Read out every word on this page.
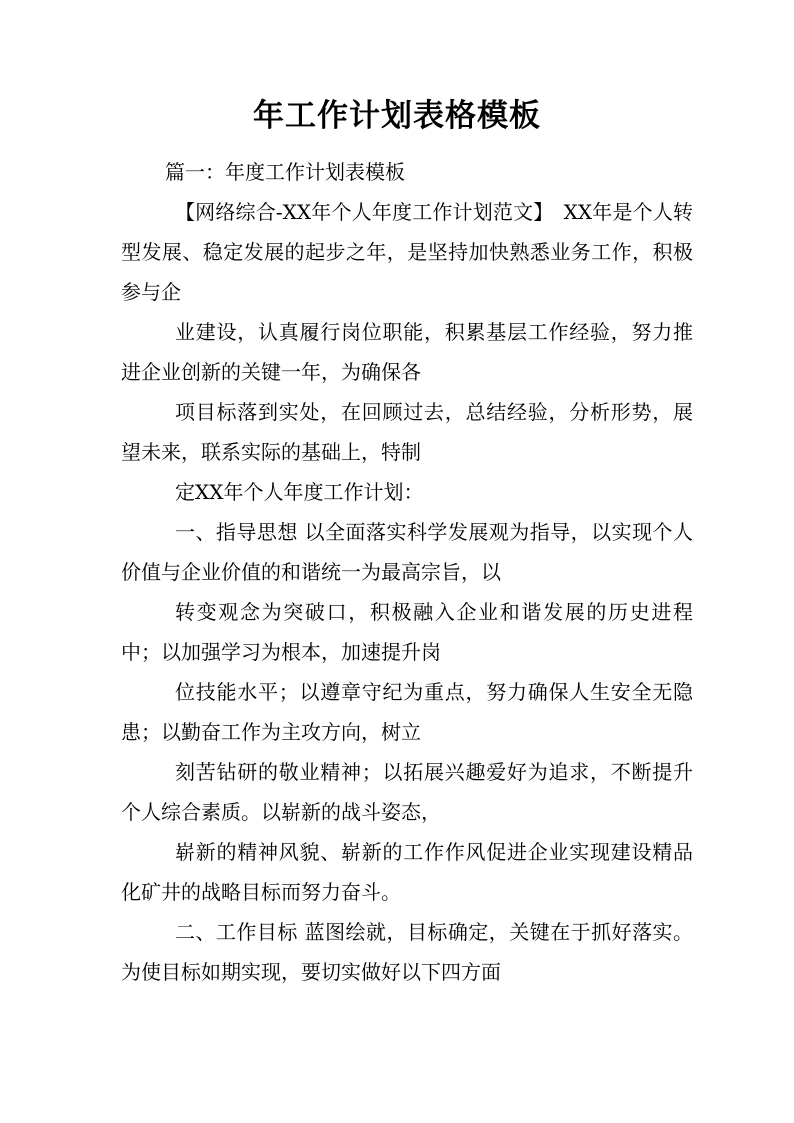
年工作计划表格模板

篇一：年度工作计划表模板

【网络综合-XX年个人年度工作计划范文】　XX年是个人转型发展、稳定发展的起步之年，是坚持加快熟悉业务工作，积极参与企

业建设，认真履行岗位职能，积累基层工作经验，努力推进企业创新的关键一年，为确保各

项目标落到实处，在回顾过去，总结经验，分析形势，展望未来，联系实际的基础上，特制

定XX年个人年度工作计划：

一、指导思想 以全面落实科学发展观为指导，以实现个人价值与企业价值的和谐统一为最高宗旨，以

转变观念为突破口，积极融入企业和谐发展的历史进程中；以加强学习为根本，加速提升岗

位技能水平；以遵章守纪为重点，努力确保人生安全无隐患；以勤奋工作为主攻方向，树立

刻苦钻研的敬业精神；以拓展兴趣爱好为追求，不断提升个人综合素质。以崭新的战斗姿态，

崭新的精神风貌、崭新的工作作风促进企业实现建设精品化矿井的战略目标而努力奋斗。

二、工作目标 蓝图绘就，目标确定，关键在于抓好落实。为使目标如期实现，要切实做好以下四方面
